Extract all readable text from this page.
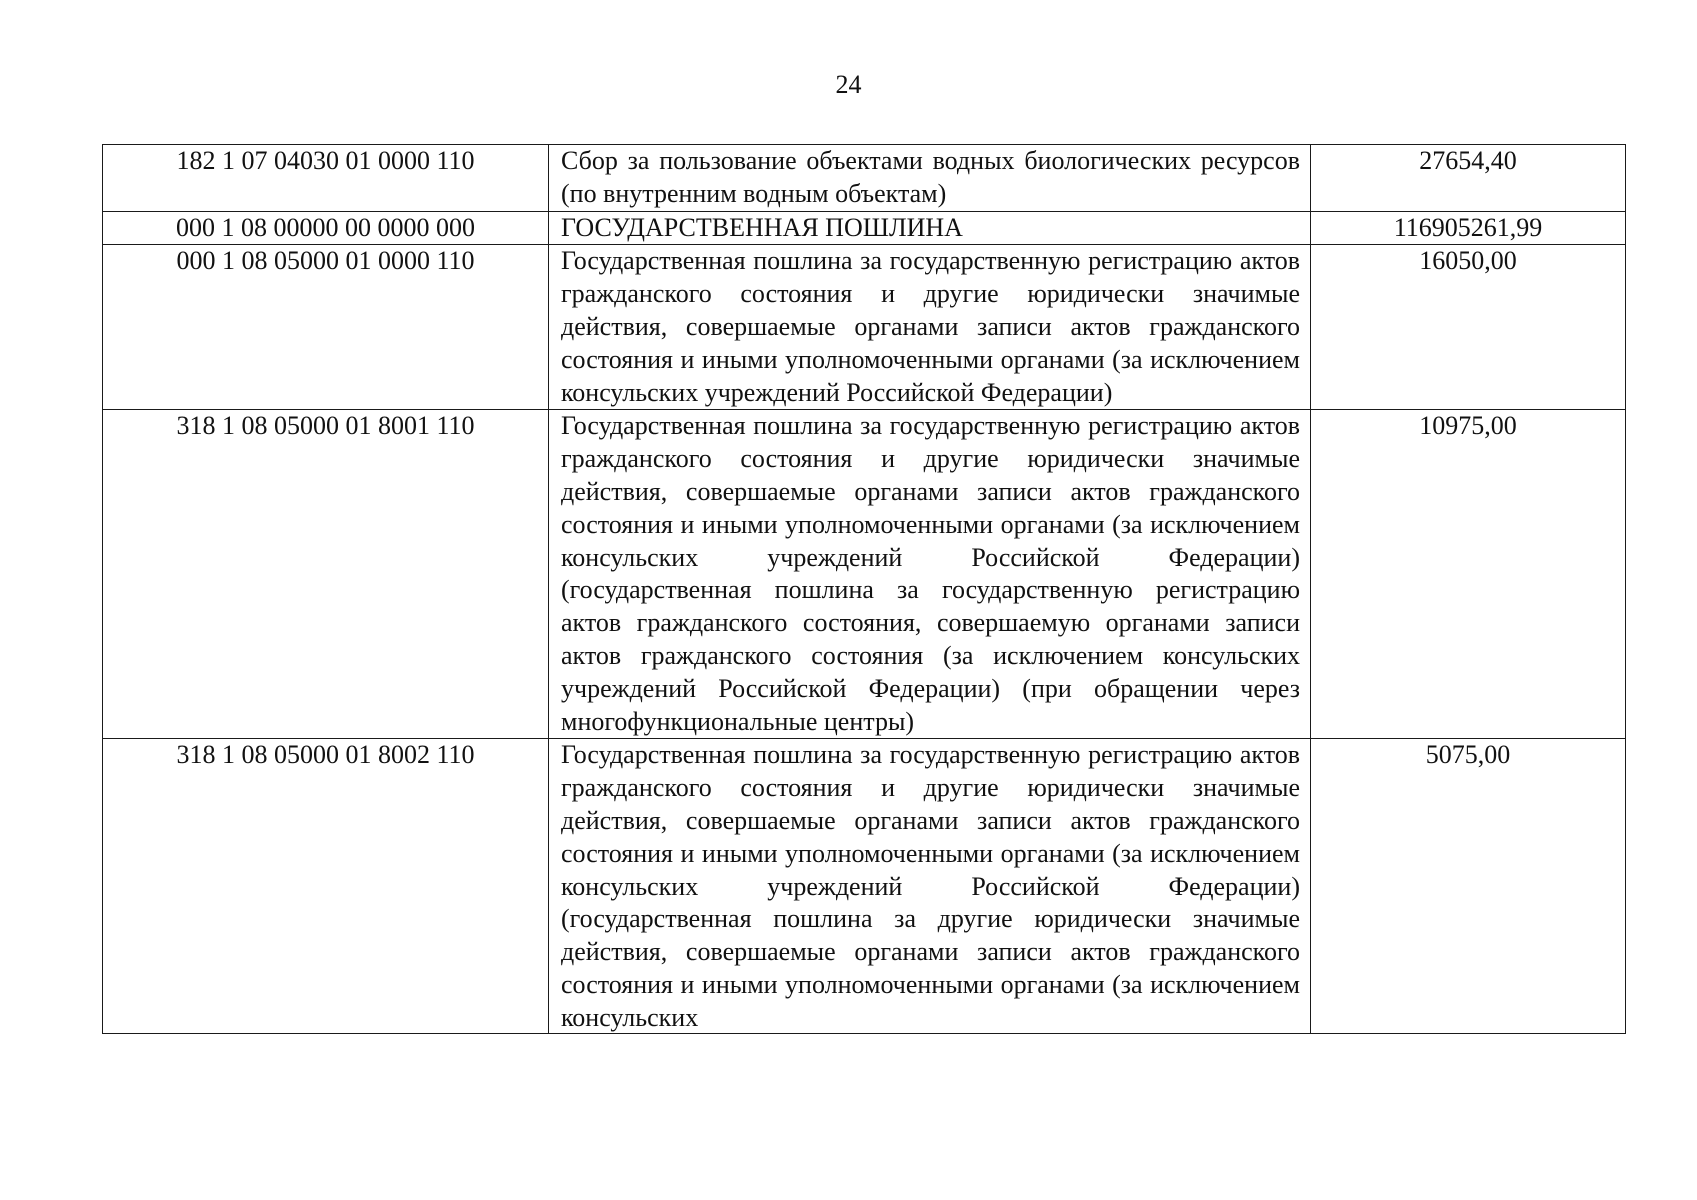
24
182 1 07 04030 01 0000 110	Сбор за пользование объектами водных биологических ресурсов (по внутренним водным объектам)	27654,40
000 1 08 00000 00 0000 000	ГОСУДАРСТВЕННАЯ ПОШЛИНА	116905261,99
000 1 08 05000 01 0000 110	Государственная пошлина за государственную регистрацию актов гражданского состояния и другие юридически значимые действия, совершаемые органами записи актов гражданского состояния и иными уполномоченными органами (за исключением консульских учреждений Российской Федерации)	16050,00
318 1 08 05000 01 8001 110	Государственная пошлина за государственную регистрацию актов гражданского состояния и другие юридически значимые действия, совершаемые органами записи актов гражданского состояния и иными уполномоченными органами (за исключением консульских учреждений Российской Федерации) (государственная пошлина за государственную регистрацию актов гражданского состояния, совершаемую органами записи актов гражданского состояния (за исключением консульских учреждений Российской Федерации) (при обращении через многофункциональные центры)	10975,00
318 1 08 05000 01 8002 110	Государственная пошлина за государственную регистрацию актов гражданского состояния и другие юридически значимые действия, совершаемые органами записи актов гражданского состояния и иными уполномоченными органами (за исключением консульских учреждений Российской Федерации) (государственная пошлина за другие юридически значимые действия, совершаемые органами записи актов гражданского состояния и иными уполномоченными органами (за исключением консульских	5075,00
